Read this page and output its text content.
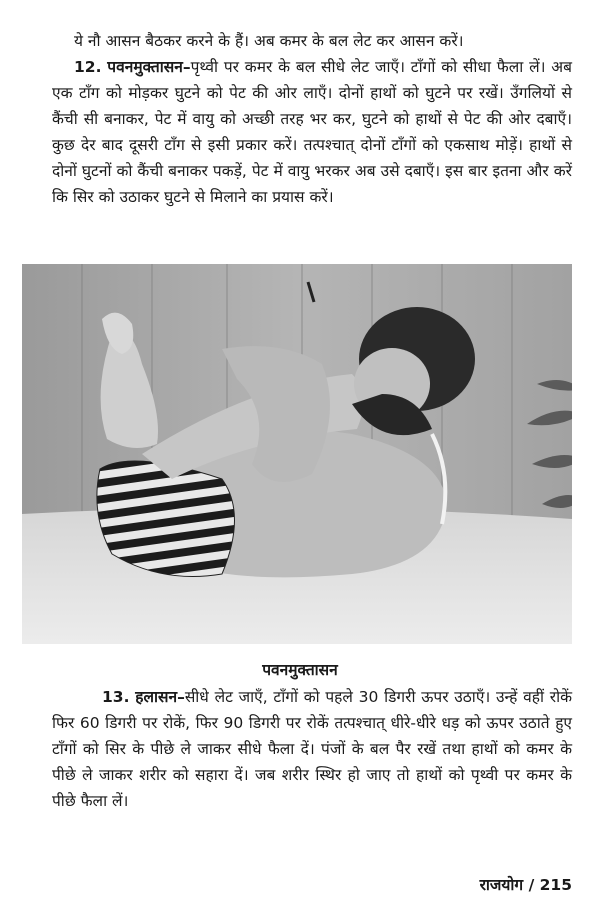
ये नौ आसन बैठकर करने के हैं। अब कमर के बल लेट कर आसन करें।

12. पवनमुक्तासन–पृथ्वी पर कमर के बल सीधे लेट जाएँ। टाँगों को सीधा फैला लें। अब एक टाँग को मोड़कर घुटने को पेट की ओर लाएँ। दोनों हाथों को घुटने पर रखें। उँगलियों से कैंची सी बनाकर, पेट में वायु को अच्छी तरह भर कर, घुटने को हाथों से पेट की ओर दबाएँ। कुछ देर बाद दूसरी टाँग से इसी प्रकार करें। तत्पश्चात् दोनों टाँगों को एकसाथ मोड़ें। हाथों से दोनों घुटनों को कैंची बनाकर पकड़ें, पेट में वायु भरकर अब उसे दबाएँ। इस बार इतना और करें कि सिर को उठाकर घुटने से मिलाने का प्रयास करें।

पवनमुक्तासन

13. हलासन–सीधे लेट जाएँ, टाँगों को पहले 30 डिगरी ऊपर उठाएँ। उन्हें वहीं रोकें फिर 60 डिगरी पर रोकें, फिर 90 डिगरी पर रोकें तत्पश्चात् धीरे-धीरे धड़ को ऊपर उठाते हुए टाँगों को सिर के पीछे ले जाकर सीधे फैला दें। पंजों के बल पैर रखें तथा हाथों को कमर के पीछे ले जाकर शरीर को सहारा दें। जब शरीर स्थिर हो जाए तो हाथों को पृथ्वी पर कमर के पीछे फैला लें।

राजयोग / 215
